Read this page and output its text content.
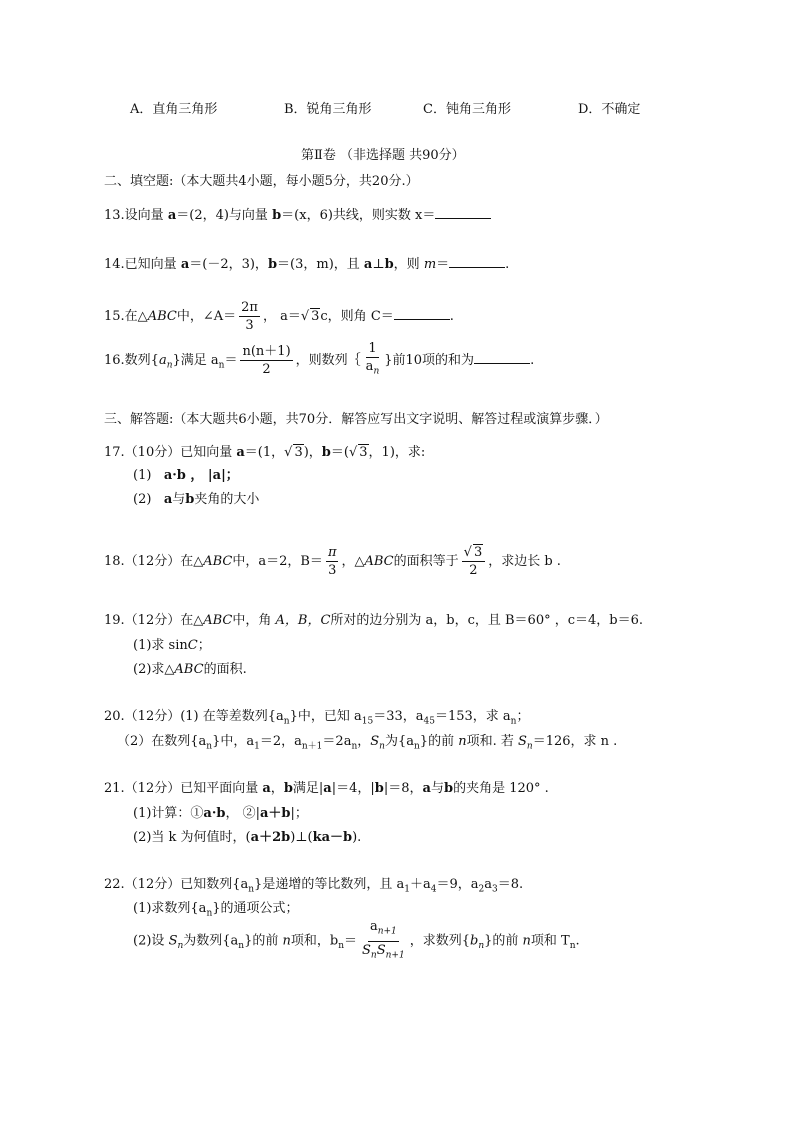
A．直角三角形	B．锐角三角形	C．钝角三角形	D．不确定
第Ⅱ卷 （非选择题 共90分）
二、填空题:（本大题共4小题，每小题5分，共20分.）
13.设向量 a＝(2，4)与向量 b＝(x，6)共线，则实数 x＝
14.已知向量 a＝(－2，3)，b＝(3，m)，且 a⊥b，则 m＝	.
15.在△ABC中，∠A＝ $\frac{2\pi}{3}$ ， a＝√ 3c，则角 C＝	.
16.数列$\{a_n\}$满足 $a_n= \frac{n(n+1)}{2}$ ，则数列｛ $\frac{1}{a_n}$ }前10项的和为	.
三、解答题:（本大题共6小题，共70分．解答应写出文字说明、解答过程或演算步骤．）
17.（10分）已知向量 a＝(1，√ 3)，b＝(√ 3，1)，求:
(1) a·b ， |a|；
(2) a与b夹角的大小
18.（12分）在△ABC中，a＝2，$B= \frac{\pi}{3}$ ，△ABC的面积等于 $\frac{√ 3}{2}$ ，求边长 b .
19.（12分）在△ABC中，角 A，B，C所对的边分别为 a，b，c，且 B＝60° ，c＝4，b＝6.
(1)求 sinC；
(2)求△ABC的面积.
20.（12分）(1) 在等差数列$\{a_n\}$中，已知 $a_{15}=33$，$a_{45}=153$，求 $a_n$；
（2）在数列$\{a_n\}$中，$a_1=2$，$a_{n+1}=2a_n$，$S_n$为$\{a_n\}$的前 n项和. 若 $S_n=126$，求 n .
21.（12分）已知平面向量 a，b满足|a|＝4，|b|＝8，a与b的夹角是 120° .
(1)计算：①a·b， ②|a＋b|；
(2)当 k 为何值时，(a＋2b)⊥(ka－b).
22.（12分）已知数列$\{a_n\}$是递增的等比数列，且 $a_1+a_4=9$，$a_2a_3=8$.
(1)求数列$\{a_n\}$的通项公式；
(2)设 $S_n$为数列$\{a_n\}$的前 n项和，$b_n= \frac{a_{n+1}}{S_nS_{n+1}}$ ，求数列$\{b_n\}$的前 n项和 $T_n$.
